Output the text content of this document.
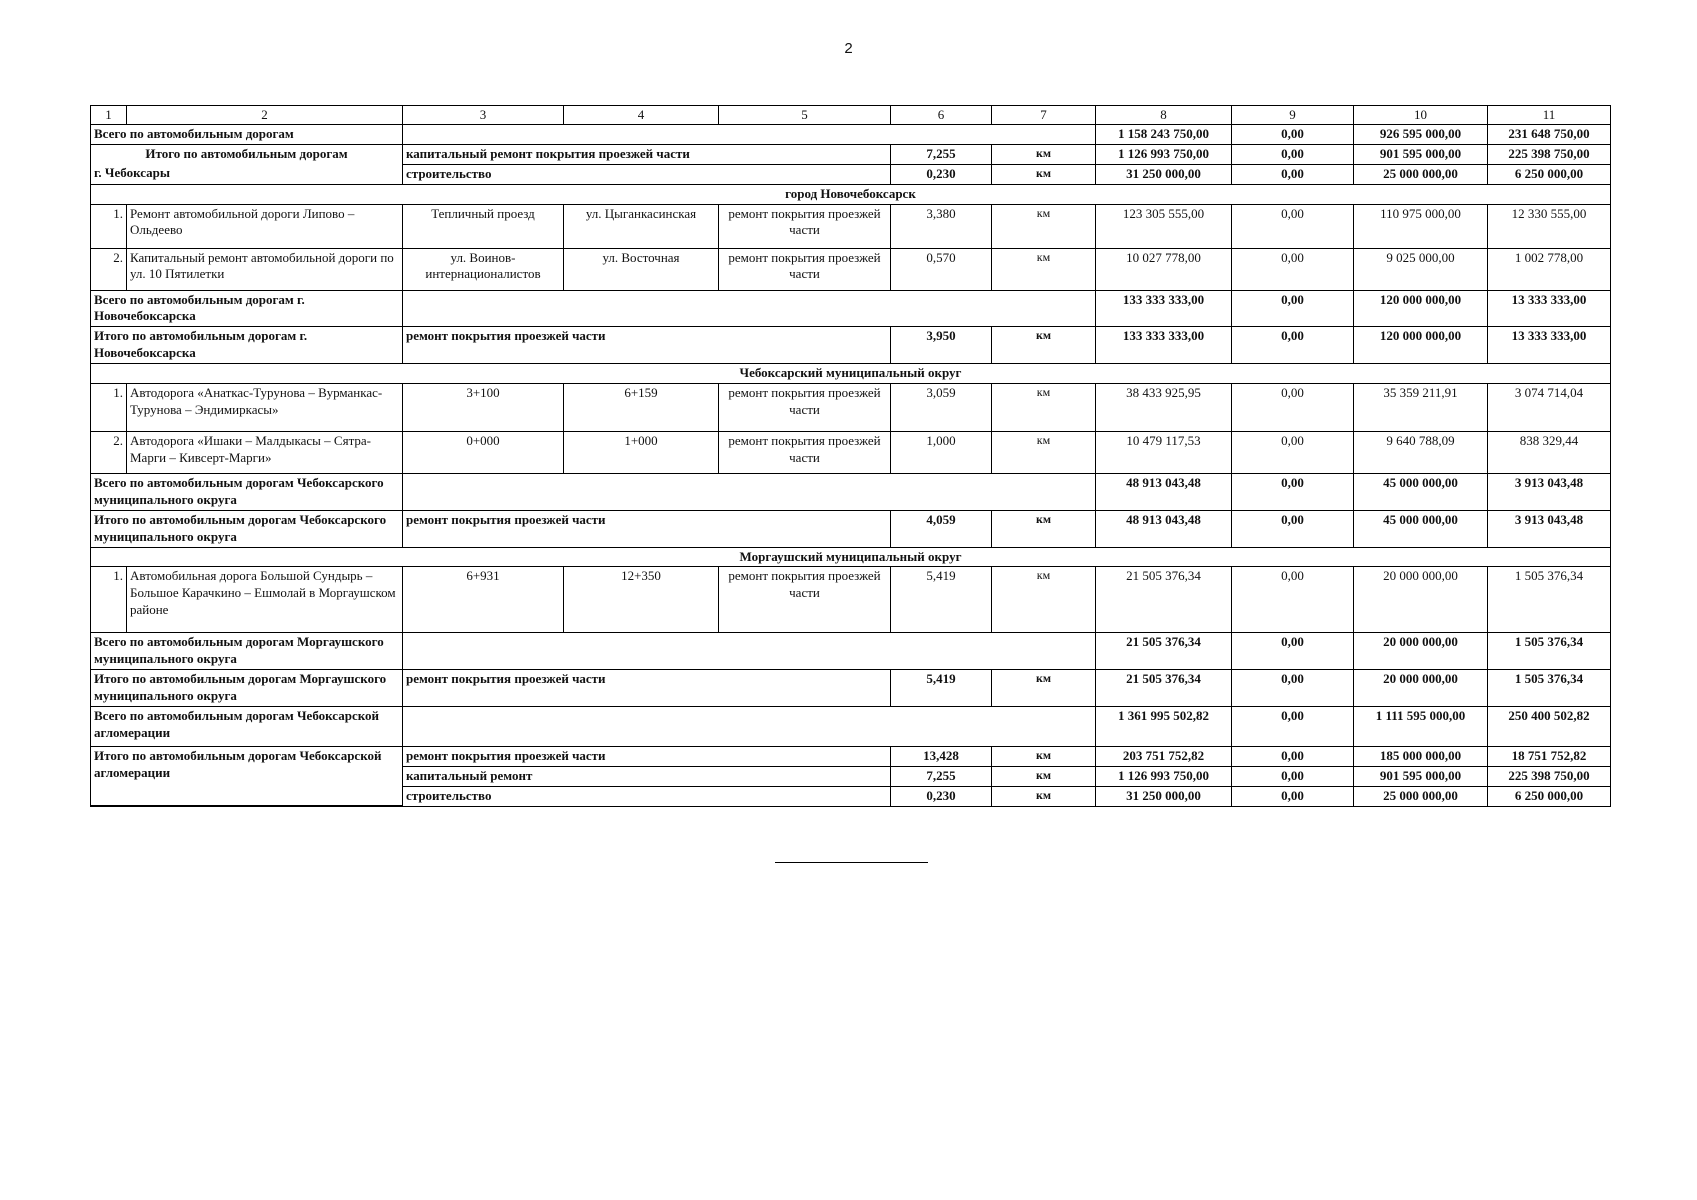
2
1	2	3	4	5	6	7	8	9	10	11
Всего по автомобильным дорогам							1 158 243 750,00	0,00	926 595 000,00	231 648 750,00
Итого по автомобильным дорогам		капитальный ремонт покрытия проезжей части			7,255	км	1 126 993 750,00	0,00	901 595 000,00	225 398 750,00
г. Чебоксары		строительство			0,230	км	31 250 000,00	0,00	25 000 000,00	6 250 000,00
город Новочебоксарск										
1.	Ремонт автомобильной дороги Липово – Ольдеево	Тепличный проезд	ул. Цыганкасинская	ремонт покрытия проезжей части	3,380	км	123 305 555,00	0,00	110 975 000,00	12 330 555,00
2.	Капитальный ремонт автомобильной дороги по ул. 10 Пятилетки	ул. Воинов-интернационалистов	ул. Восточная	ремонт покрытия проезжей части	0,570	км	10 027 778,00	0,00	9 025 000,00	1 002 778,00
Всего по автомобильным дорогам г. Новочебоксарска							133 333 333,00	0,00	120 000 000,00	13 333 333,00
Итого по автомобильным дорогам г. Новочебоксарска		ремонт покрытия проезжей части			3,950	км	133 333 333,00	0,00	120 000 000,00	13 333 333,00
Чебоксарский муниципальный округ										
1.	Автодорога «Анаткас-Турунова – Вурманкас-Турунова – Эндимиркасы»	3+100	6+159	ремонт покрытия проезжей части	3,059	км	38 433 925,95	0,00	35 359 211,91	3 074 714,04
2.	Автодорога «Ишаки – Малдыкасы – Сятра-Марги – Кивсерт-Марги»	0+000	1+000	ремонт покрытия проезжей части	1,000	км	10 479 117,53	0,00	9 640 788,09	838 329,44
Всего по автомобильным дорогам Чебоксарского муниципального округа							48 913 043,48	0,00	45 000 000,00	3 913 043,48
Итого по автомобильным дорогам Чебоксарского муниципального округа		ремонт покрытия проезжей части			4,059	км	48 913 043,48	0,00	45 000 000,00	3 913 043,48
Моргаушский муниципальный округ										
1.	Автомобильная дорога Большой Сундырь – Большое Карачкино – Ешмолай в Моргаушском районе	6+931	12+350	ремонт покрытия проезжей части	5,419	км	21 505 376,34	0,00	20 000 000,00	1 505 376,34
Всего по автомобильным дорогам Моргаушского муниципального округа							21 505 376,34	0,00	20 000 000,00	1 505 376,34
Итого по автомобильным дорогам Моргаушского муниципального округа		ремонт покрытия проезжей части			5,419	км	21 505 376,34	0,00	20 000 000,00	1 505 376,34
Всего по автомобильным дорогам Чебоксарской агломерации							1 361 995 502,82	0,00	1 111 595 000,00	250 400 502,82
Итого по автомобильным дорогам Чебоксарской агломерации		ремонт покрытия проезжей части			13,428	км	203 751 752,82	0,00	185 000 000,00	18 751 752,82
		капитальный ремонт			7,255	км	1 126 993 750,00	0,00	901 595 000,00	225 398 750,00
		строительство			0,230	км	31 250 000,00	0,00	25 000 000,00	6 250 000,00
